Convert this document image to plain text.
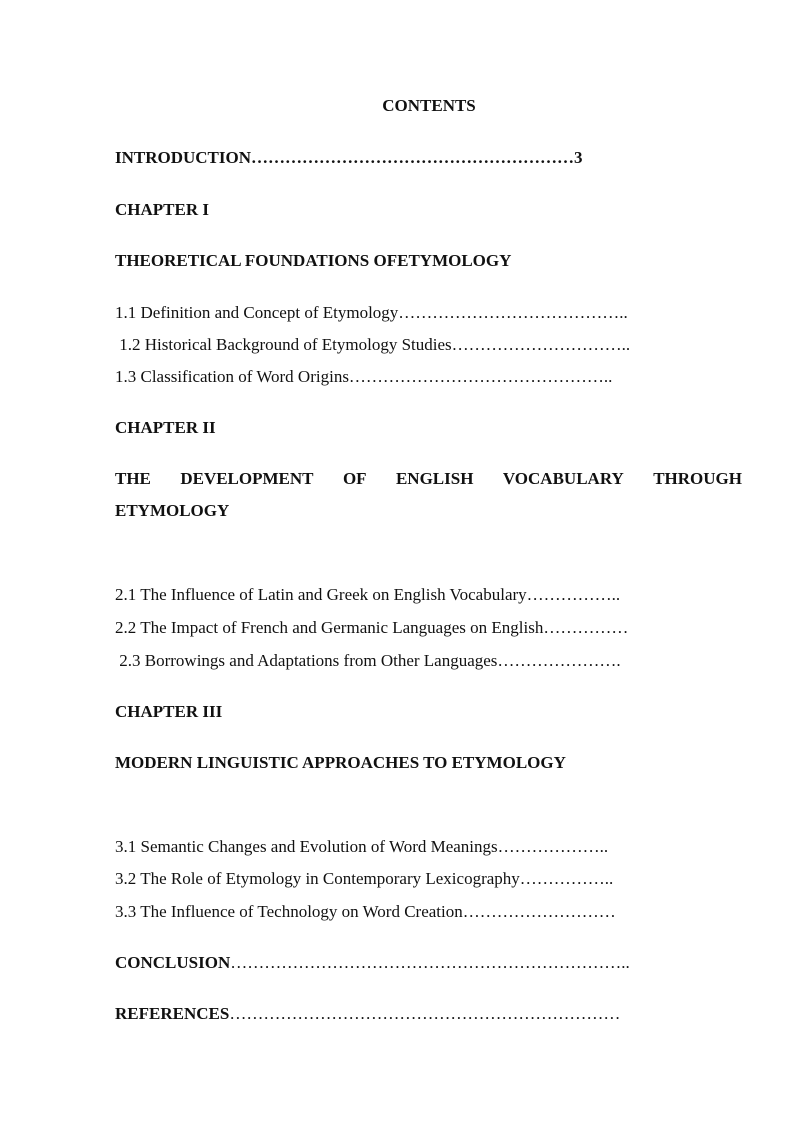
CONTENTS
INTRODUCTION…………………………………………………3
CHAPTER I
THEORETICAL FOUNDATIONS OFETYMOLOGY
1.1 Definition and Concept of Etymology…………………………………..
1.2 Historical Background of Etymology Studies…………………………..
1.3 Classification of Word Origins………………………………………..
CHAPTER II
THE DEVELOPMENT OF ENGLISH VOCABULARY THROUGH
ETYMOLOGY
2.1 The Influence of Latin and Greek on English Vocabulary……………..
2.2 The Impact of French and Germanic Languages on English……………
2.3 Borrowings and Adaptations from Other Languages………………….
CHAPTER III
MODERN LINGUISTIC APPROACHES TO ETYMOLOGY
3.1 Semantic Changes and Evolution of Word Meanings………………..
3.2 The Role of Etymology in Contemporary Lexicography……………..
3.3 The Influence of Technology on Word Creation………………………
CONCLUSION……………………………………………………………..
REFERENCES……………………………………………………………
